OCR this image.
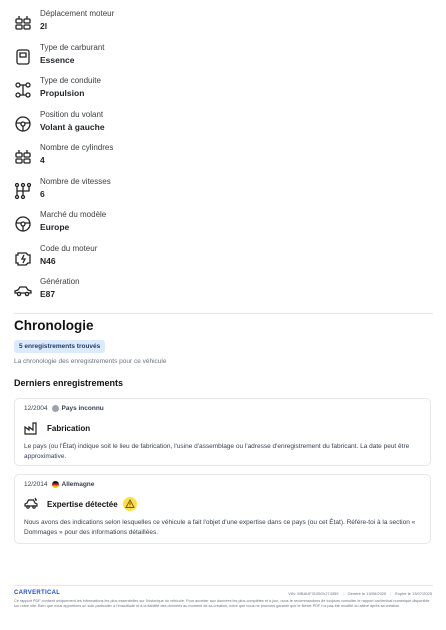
Déplacement moteur
2l
Type de carburant
Essence
Type de conduite
Propulsion
Position du volant
Volant à gauche
Nombre de cylindres
4
Nombre de vitesses
6
Marché du modèle
Europe
Code du moteur
N46
Génération
E87
Chronologie
5 enregistrements trouvés
La chronologie des enregistrements pour ce véhicule
Derniers enregistrements
12/2004 Pays inconnu
Fabrication
Le pays (ou l'État) indique soit le lieu de fabrication, l'usine d'assemblage ou l'adresse d'enregistrement du fabricant. La date peut être approximative.
12/2014 Allemagne
Expertise détectée
Nous avons des indications selon lesquelles ce véhicule a fait l'objet d'une expertise dans ce pays (ou cet État). Référe-toi à la section « Dommages » pour des informations détaillées.
CARVERTICAL	VIN: WBAUF31050VJ74359 | Généré le 13/06/2025 | Expire le 13/07/2025
Ce rapport PDF contient uniquement les informations les plus essentielles sur l'historique du véhicule. Pour accéder aux données les plus complètes et à jour, nous te recommandons de toujours consulter le rapport carVertical numérique disponible sur notre site. Bien que nous apportions un soin particulier à l'exactitude et à la fiabilité des données au moment de sa création, notre que nous ne pouvons garantir que le fichier PDF n'a pas été modifié ou altéré après sa création.
